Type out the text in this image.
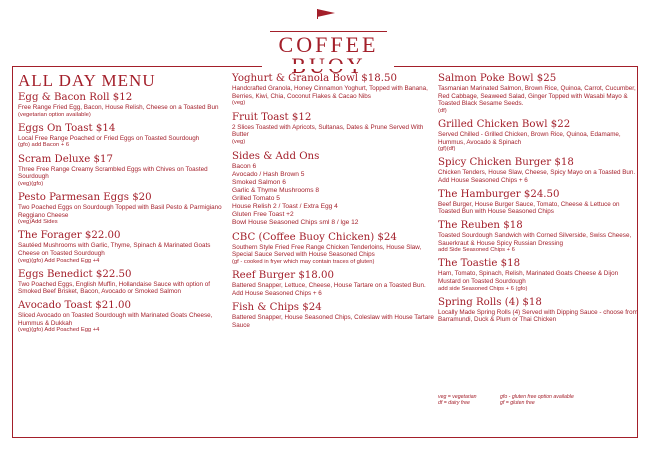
COFFEE
ALL DAY MENU
Egg & Bacon Roll $12
Free Range Fried Egg, Bacon, House Relish, Cheese on a Toasted Bun
(vegetarian option available)
Eggs On Toast $14
Local Free Range Poached or Fried Eggs on Toasted Sourdough
(gfo) add Bacon + 6
Scram Deluxe $17
Three Free Range Creamy Scrambled Eggs with Chives on Toasted Sourdough
(veg)(gfo)
Pesto Parmesan Eggs $20
Two Poached Eggs on Sourdough Topped with Basil Pesto & Parmigiano Reggiano Cheese
(veg)Add Sides
The Forager $22.00
Sautéed Mushrooms with Garlic, Thyme, Spinach & Marinated Goats Cheese on Toasted Sourdough
(veg)(gfo) Add Poached Egg +4
Eggs Benedict $22.50
Two Poached Eggs, English Muffin, Hollandaise Sauce with option of Smoked Beef Brisket, Bacon, Avocado or Smoked Salmon
Avocado Toast $21.00
Sliced Avocado on Toasted Sourdough with Marinated Goats Cheese, Hummus & Dukkah
(veg)(gfo) Add Poached Egg +4
Yoghurt & Granola Bowl $18.50
Handcrafted Granola, Honey Cinnamon Yoghurt, Topped with Banana, Berries, Kiwi, Chia, Coconut Flakes & Cacao Nibs
(veg)
Fruit Toast $12
2 Slices Toasted with Apricots, Sultanas, Dates & Prune Served With Butter
(veg)
Sides & Add Ons
Bacon 6
Avocado / Hash Brown 5
Smoked Salmon 6
Garlic & Thyme Mushrooms 8
Grilled Tomato 5
House Relish 2 / Toast / Extra Egg 4
Gluten Free Toast +2
Bowl House Seasoned Chips sml 8 / lge 12
CBC (Coffee Buoy Chicken) $24
Southern Style Fried Free Range Chicken Tenderloins, House Slaw, Special Sauce Served with House Seasoned Chips
(gf - cooked in fryer which may contain traces of gluten)
Reef Burger $18.00
Battered Snapper, Lettuce, Cheese, House Tartare on a Toasted Bun. Add House Seasoned Chips + 6
Fish & Chips $24
Battered Snapper, House Seasoned Chips, Coleslaw with House Tartare Sauce
Salmon Poke Bowl $25
Tasmanian Marinated Salmon, Brown Rice, Quinoa, Carrot, Cucumber, Red Cabbage, Seaweed Salad, Ginger Topped with Wasabi Mayo & Toasted Black Sesame Seeds.
(df)
Grilled Chicken Bowl $22
Served Chilled - Grilled Chicken, Brown Rice, Quinoa, Edamame, Hummus, Avocado & Spinach
(gf)(df)
Spicy Chicken Burger $18
Chicken Tenders, House Slaw, Cheese, Spicy Mayo on a Toasted Bun. Add House Seasoned Chips + 6
The Hamburger $24.50
Beef Burger, House Burger Sauce, Tomato, Cheese & Lettuce on Toasted Bun with House Seasoned Chips
The Reuben $18
Toasted Sourdough Sandwich with Corned Silverside, Swiss Cheese, Sauerkraut & House Spicy Russian Dressing
add Side Seasoned Chips + 6
The Toastie $18
Ham, Tomato, Spinach, Relish, Marinated Goats Cheese & Dijon Mustard on Toasted Sourdough
add side Seasoned Chips + 6 (gfo)
Spring Rolls (4) $18
Locally Made Spring Rolls (4) Served with Dipping Sauce - choose from Barramundi, Duck & Plum or Thai Chicken
veg = vegetarian	gfo - gluten free option available
df = dairy free	gf = gluten free
